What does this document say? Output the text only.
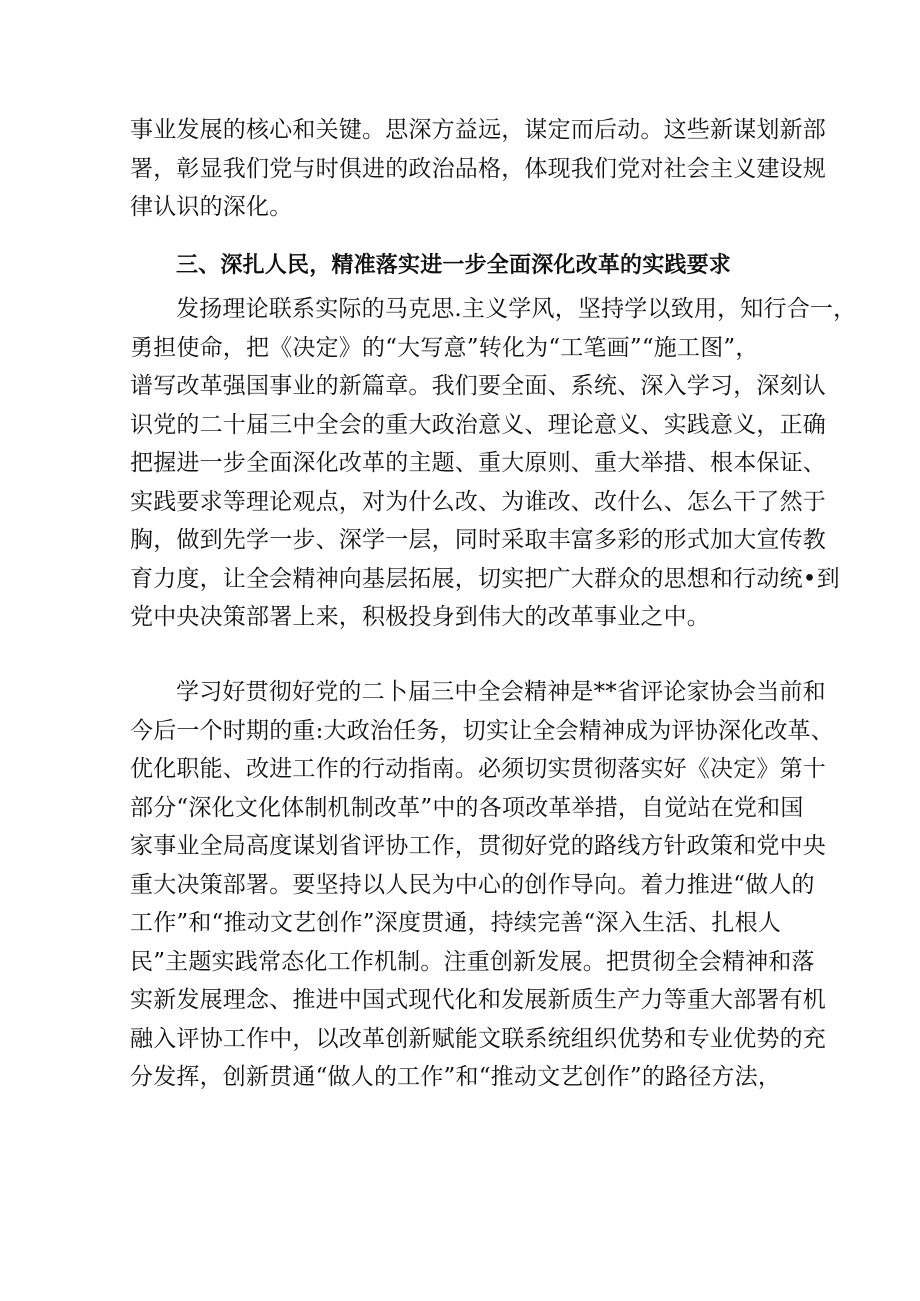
事业发展的核心和关键。思深方益远，谋定而后动。这些新谋划新部
署，彰显我们党与时俱进的政治品格，体现我们党对社会主义建设规
律认识的深化。
三、深扎人民，精准落实进一步全面深化改革的实践要求
发扬理论联系实际的马克思.主义学风，坚持学以致用，知行合一，
勇担使命，把《决定》的“大写意”转化为“工笔画”“施工图”，
谱写改革强国事业的新篇章。我们要全面、系统、深入学习，深刻认
识党的二十届三中全会的重大政治意义、理论意义、实践意义，正确
把握进一步全面深化改革的主题、重大原则、重大举措、根本保证、
实践要求等理论观点，对为什么改、为谁改、改什么、怎么干了然于
胸，做到先学一步、深学一层，同时采取丰富多彩的形式加大宣传教
育力度，让全会精神向基层拓展，切实把广大群众的思想和行动统•到
党中央决策部署上来，积极投身到伟大的改革事业之中。
学习好贯彻好党的二卜届三中全会精神是**省评论家协会当前和
今后一个时期的重:大政治任务，切实让全会精神成为评协深化改革、
优化职能、改进工作的行动指南。必须切实贯彻落实好《决定》第十
部分“深化文化体制机制改革”中的各项改革举措，自觉站在党和国
家事业全局高度谋划省评协工作，贯彻好党的路线方针政策和党中央
重大决策部署。要坚持以人民为中心的创作导向。着力推进“做人的
工作”和“推动文艺创作”深度贯通，持续完善“深入生活、扎根人
民”主题实践常态化工作机制。注重创新发展。把贯彻全会精神和落
实新发展理念、推进中国式现代化和发展新质生产力等重大部署有机
融入评协工作中，以改革创新赋能文联系统组织优势和专业优势的充
分发挥，创新贯通“做人的工作”和“推动文艺创作”的路径方法，
